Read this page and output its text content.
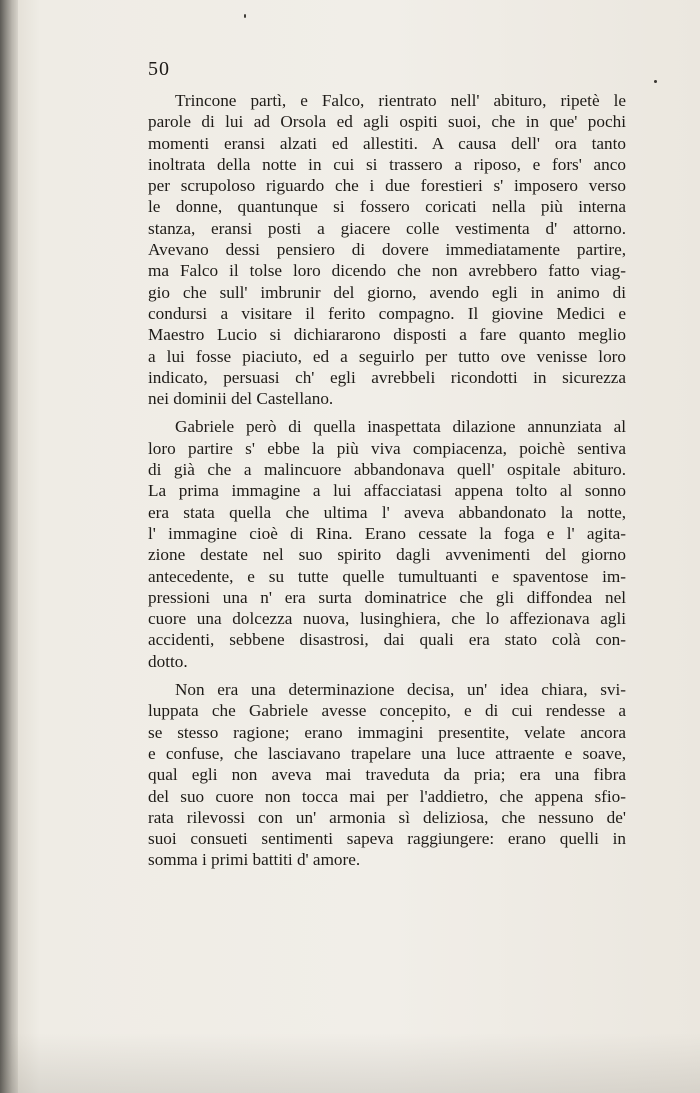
50
Trincone partì, e Falco, rientrato nell' abituro, ripetè le
parole di lui ad Orsola ed agli ospiti suoi, che in que' pochi
momenti eransi alzati ed allestiti. A causa dell' ora tanto
inoltrata della notte in cui si trassero a riposo, e fors' anco
per scrupoloso riguardo che i due forestieri s' imposero verso
le donne, quantunque si fossero coricati nella più interna
stanza, eransi posti a giacere colle vestimenta d' attorno.
Avevano dessi pensiero di dovere immediatamente partire,
ma Falco il tolse loro dicendo che non avrebbero fatto viag-
gio che sull' imbrunir del giorno, avendo egli in animo di
condursi a visitare il ferito compagno. Il giovine Medici e
Maestro Lucio si dichiararono disposti a fare quanto meglio
a lui fosse piaciuto, ed a seguirlo per tutto ove venisse loro
indicato, persuasi ch' egli avrebbeli ricondotti in sicurezza
nei dominii del Castellano.
Gabriele però di quella inaspettata dilazione annunziata al
loro partire s' ebbe la più viva compiacenza, poichè sentiva
di già che a malincuore abbandonava quell' ospitale abituro.
La prima immagine a lui affacciatasi appena tolto al sonno
era stata quella che ultima l' aveva abbandonato la notte,
l' immagine cioè di Rina. Erano cessate la foga e l' agita-
zione destate nel suo spirito dagli avvenimenti del giorno
antecedente, e su tutte quelle tumultuanti e spaventose im-
pressioni una n' era surta dominatrice che gli diffondea nel
cuore una dolcezza nuova, lusinghiera, che lo affezionava agli
accidenti, sebbene disastrosi, dai quali era stato colà con-
dotto.
Non era una determinazione decisa, un' idea chiara, svi-
luppata che Gabriele avesse concepito, e di cui rendesse a
se stesso ragione; erano immagini presentite, velate ancora
e confuse, che lasciavano trapelare una luce attraente e soave,
qual egli non aveva mai traveduta da pria; era una fibra
del suo cuore non tocca mai per l'addietro, che appena sfio-
rata rilevossi con un' armonia sì deliziosa, che nessuno de'
suoi consueti sentimenti sapeva raggiungere: erano quelli in
somma i primi battiti d' amore.
